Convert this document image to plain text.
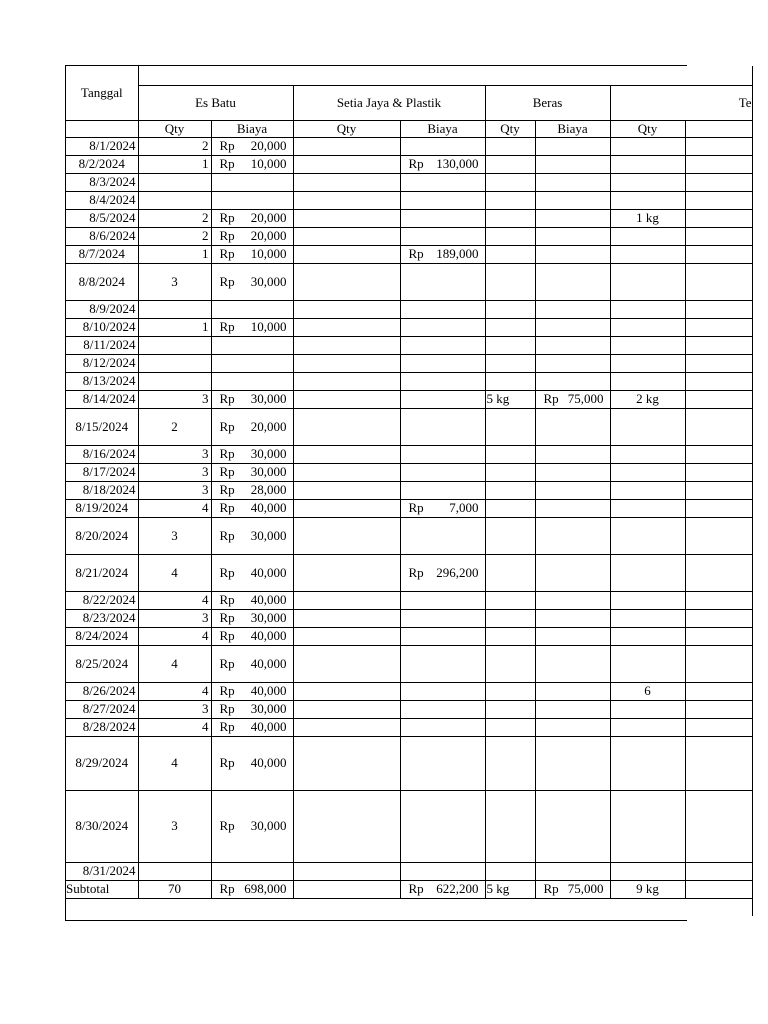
Tanggal								
	Es Batu		Setia Jaya & Plastik		Beras		Te	
	Qty	Biaya	Qty	Biaya	Qty	Biaya	Qty	
8/1/2024	2	Rp 20,000						

8/2/2024	1	Rp 10,000		Rp 130,000				

8/3/2024		

8/4/2024		

8/5/2024	2	Rp 20,000					1 kg	
8/6/2024	2	Rp 20,000						

8/7/2024	1	Rp 10,000		Rp 189,000				

8/8/2024	3	Rp 30,000						

8/9/2024		

8/10/2024	1	Rp 10,000						

8/11/2024		

8/12/2024		

8/13/2024		

8/14/2024	3	Rp 30,000			5 kg	Rp 75,000	2 kg	
8/15/2024	2	Rp 20,000						

8/16/2024	3	Rp 30,000						

8/17/2024	3	Rp 30,000						

8/18/2024	3	Rp 28,000						

8/19/2024	4	Rp 40,000		Rp 7,000				

8/20/2024	3	Rp 30,000						

8/21/2024	4	Rp 40,000		Rp 296,200				

8/22/2024	4	Rp 40,000						

8/23/2024	3	Rp 30,000						

8/24/2024	4	Rp 40,000						

8/25/2024	4	Rp 40,000						

8/26/2024	4	Rp 40,000					6	
8/27/2024	3	Rp 30,000						

8/28/2024	4	Rp 40,000						

8/29/2024	4	Rp 40,000						

8/30/2024	3	Rp 30,000						

8/31/2024		

Subtotal	70	Rp 698,000		Rp 622,200	5 kg	Rp 75,000	9 kg	
